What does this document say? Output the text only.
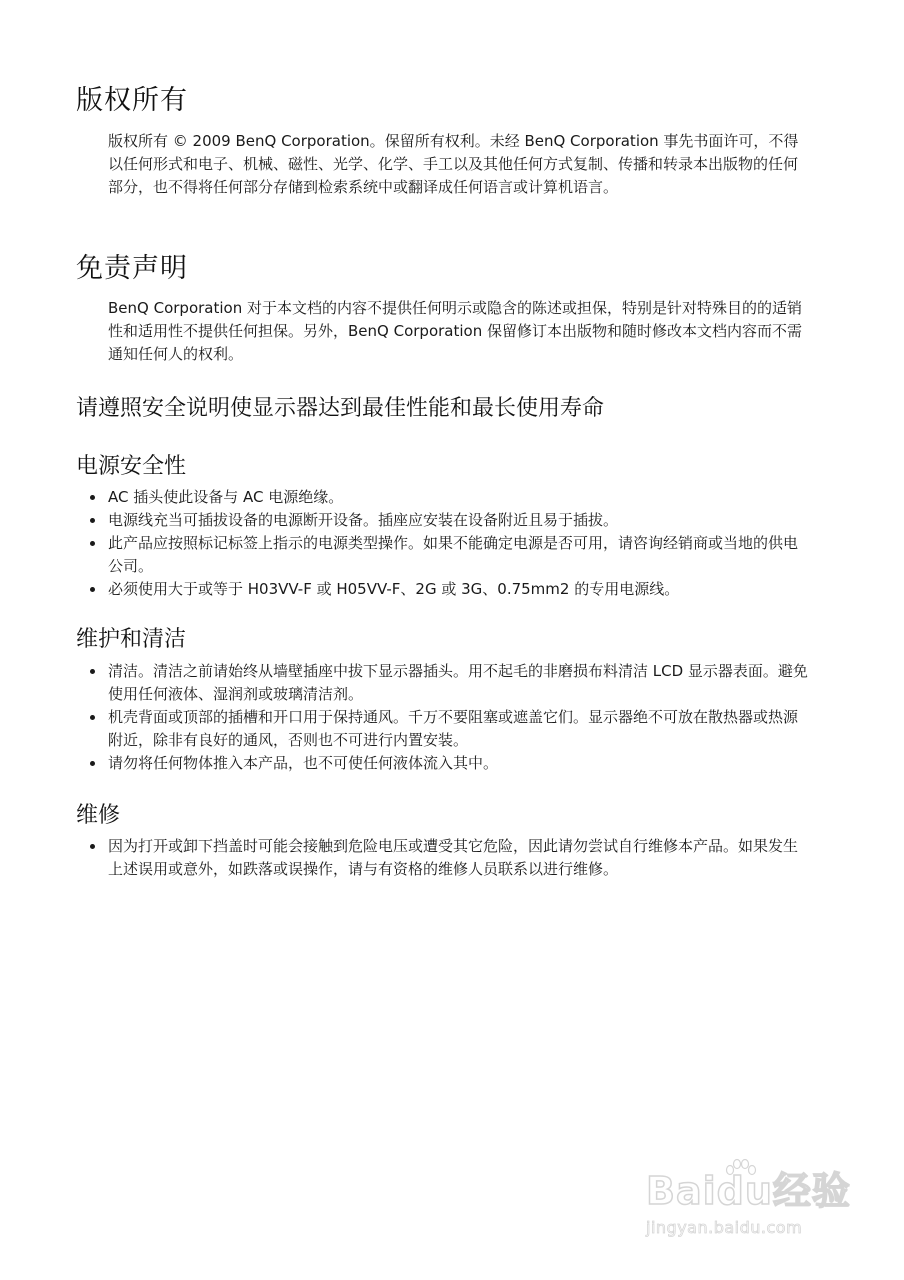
版权所有

版权所有 © 2009 BenQ Corporation。保留所有权利。未经 BenQ Corporation 事先书面许可，不得以任何形式和电子、机械、磁性、光学、化学、手工以及其他任何方式复制、传播和转录本出版物的任何部分，也不得将任何部分存储到检索系统中或翻译成任何语言或计算机语言。

免责声明

BenQ Corporation 对于本文档的内容不提供任何明示或隐含的陈述或担保，特别是针对特殊目的的适销性和适用性不提供任何担保。另外，BenQ Corporation 保留修订本出版物和随时修改本文档内容而不需通知任何人的权利。

请遵照安全说明使显示器达到最佳性能和最长使用寿命
电源安全性
AC 插头使此设备与 AC 电源绝缘。
电源线充当可插拔设备的电源断开设备。插座应安装在设备附近且易于插拔。
此产品应按照标记标签上指示的电源类型操作。如果不能确定电源是否可用，请咨询经销商或当地的供电公司。
必须使用大于或等于 H03VV-F 或 H05VV-F、2G 或 3G、0.75mm2 的专用电源线。
维护和清洁
清洁。清洁之前请始终从墙壁插座中拔下显示器插头。用不起毛的非磨损布料清洁 LCD 显示器表面。避免使用任何液体、湿润剂或玻璃清洁剂。
机壳背面或顶部的插槽和开口用于保持通风。千万不要阻塞或遮盖它们。显示器绝不可放在散热器或热源附近，除非有良好的通风，否则也不可进行内置安装。
请勿将任何物体推入本产品，也不可使任何液体流入其中。
维修
因为打开或卸下挡盖时可能会接触到危险电压或遭受其它危险，因此请勿尝试自行维修本产品。如果发生上述误用或意外，如跌落或误操作，请与有资格的维修人员联系以进行维修。
Baidu经验
jingyan.baidu.com
